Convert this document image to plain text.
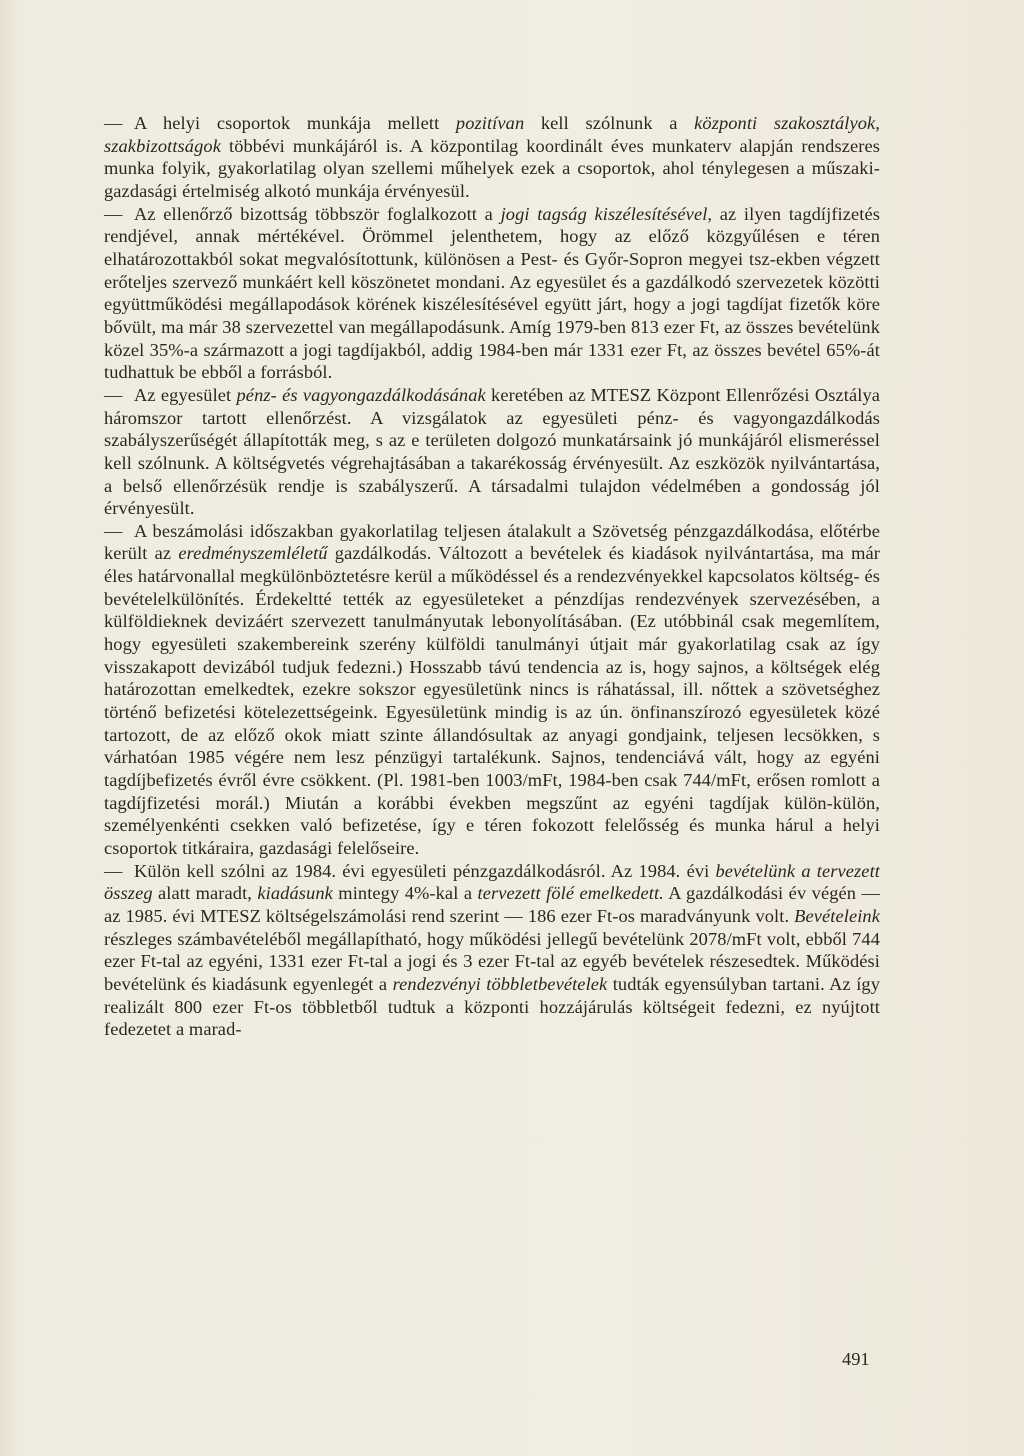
— A helyi csoportok munkája mellett pozitívan kell szólnunk a központi szakosztályok, szakbizottságok többévi munkájáról is. A központilag koordinált éves munkaterv alapján rendszeres munka folyik, gyakorlatilag olyan szellemi műhelyek ezek a csoportok, ahol ténylegesen a műszaki-gazdasági értelmiség alkotó munkája érvényesül.

— Az ellenőrző bizottság többször foglalkozott a jogi tagság kiszélesítésével, az ilyen tagdíjfizetés rendjével, annak mértékével. Örömmel jelenthetem, hogy az előző közgyűlésen e téren elhatározottakból sokat megvalósítottunk, különösen a Pest- és Győr-Sopron megyei tsz-ekben végzett erőteljes szervező munkáért kell köszönetet mondani. Az egyesület és a gazdálkodó szervezetek közötti együttműködési megállapodások körének kiszélesítésével együtt járt, hogy a jogi tagdíjat fizetők köre bővült, ma már 38 szervezettel van megállapodásunk. Amíg 1979-ben 813 ezer Ft, az összes bevételünk közel 35%-a származott a jogi tagdíjakból, addig 1984-ben már 1331 ezer Ft, az összes bevétel 65%-át tudhattuk be ebből a forrásból.

— Az egyesület pénz- és vagyongazdálkodásának keretében az MTESZ Központ Ellenrőzési Osztálya háromszor tartott ellenőrzést. A vizsgálatok az egyesületi pénz- és vagyongazdálkodás szabályszerűségét állapították meg, s az e területen dolgozó munkatársaink jó munkájáról elismeréssel kell szólnunk. A költségvetés végrehajtásában a takarékosság érvényesült. Az eszközök nyilvántartása, a belső ellenőrzésük rendje is szabályszerű. A társadalmi tulajdon védelmében a gondosság jól érvényesült.

— A beszámolási időszakban gyakorlatilag teljesen átalakult a Szövetség pénzgazdálkodása, előtérbe került az eredményszemléletű gazdálkodás. Változott a bevételek és kiadások nyilvántartása, ma már éles határvonallal megkülönböztetésre kerül a működéssel és a rendezvényekkel kapcsolatos költség- és bevételelkülönítés. Érdekeltté tették az egyesületeket a pénzdíjas rendezvények szervezésében, a külföldieknek devizáért szervezett tanulmányutak lebonyolításában. (Ez utóbbinál csak megemlítem, hogy egyesületi szakembereink szerény külföldi tanulmányi útjait már gyakorlatilag csak az így visszakapott devizából tudjuk fedezni.) Hosszabb távú tendencia az is, hogy sajnos, a költségek elég határozottan emelkedtek, ezekre sokszor egyesületünk nincs is ráhatással, ill. nőttek a szövetséghez történő befizetési kötelezettségeink. Egyesületünk mindig is az ún. önfinanszírozó egyesületek közé tartozott, de az előző okok miatt szinte állandósultak az anyagi gondjaink, teljesen lecsökken, s várhatóan 1985 végére nem lesz pénzügyi tartalékunk. Sajnos, tendenciává vált, hogy az egyéni tagdíjbefizetés évről évre csökkent. (Pl. 1981-ben 1003/mFt, 1984-ben csak 744/mFt, erősen romlott a tagdíjfizetési morál.) Miután a korábbi években megszűnt az egyéni tagdíjak külön-külön, személyenkénti csekken való befizetése, így e téren fokozott felelősség és munka hárul a helyi csoportok titkáraira, gazdasági felelőseire.

— Külön kell szólni az 1984. évi egyesületi pénzgazdálkodásról. Az 1984. évi bevételünk a tervezett összeg alatt maradt, kiadásunk mintegy 4%-kal a tervezett fölé emelkedett. A gazdálkodási év végén — az 1985. évi MTESZ költségelszámolási rend szerint — 186 ezer Ft-os maradványunk volt. Bevételeink részleges számbavételéből megállapítható, hogy működési jellegű bevételünk 2078/mFt volt, ebből 744 ezer Ft-tal az egyéni, 1331 ezer Ft-tal a jogi és 3 ezer Ft-tal az egyéb bevételek részesedtek. Működési bevételünk és kiadásunk egyenlegét a rendezvényi többletbevételek tudták egyensúlyban tartani. Az így realizált 800 ezer Ft-os többletből tudtuk a központi hozzájárulás költségeit fedezni, ez nyújtott fedezetet a marad-

491
